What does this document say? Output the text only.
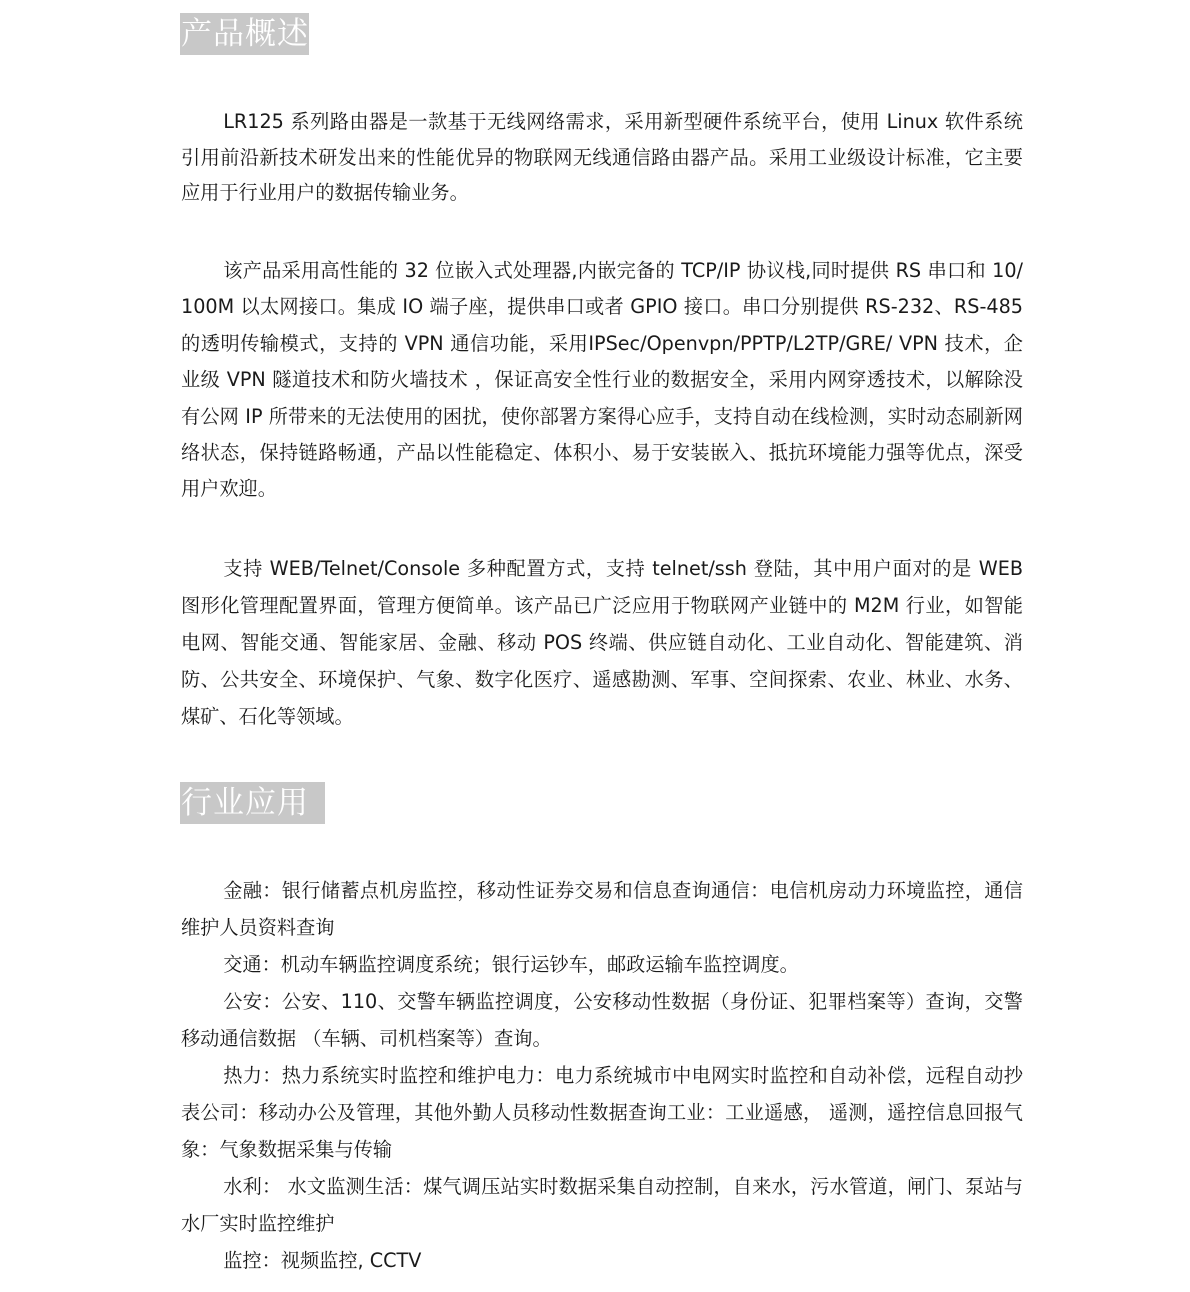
产品概述

LR125 系列路由器是一款基于无线网络需求，采用新型硬件系统平台，使用 Linux 软件系统引用前沿新技术研发出来的性能优异的物联网无线通信路由器产品。采用工业级设计标准，它主要应用于行业用户的数据传输业务。

该产品采用高性能的 32 位嵌入式处理器,内嵌完备的 TCP/IP 协议栈,同时提供 RS 串口和 10/100M 以太网接口。集成 IO 端子座，提供串口或者 GPIO 接口。串口分别提供 RS-232、RS-485 的透明传输模式，支持的 VPN 通信功能，采用IPSec/Openvpn/PPTP/L2TP/GRE/ VPN 技术，企业级 VPN 隧道技术和防火墙技术 ，保证高安全性行业的数据安全，采用内网穿透技术，以解除没有公网 IP 所带来的无法使用的困扰，使你部署方案得心应手，支持自动在线检测，实时动态刷新网络状态，保持链路畅通，产品以性能稳定、体积小、易于安装嵌入、抵抗环境能力强等优点，深受用户欢迎。

支持 WEB/Telnet/Console 多种配置方式，支持 telnet/ssh 登陆，其中用户面对的是 WEB 图形化管理配置界面，管理方便简单。该产品已广泛应用于物联网产业链中的 M2M 行业，如智能电网、智能交通、智能家居、金融、移动 POS 终端、供应链自动化、工业自动化、智能建筑、消防、公共安全、环境保护、气象、数字化医疗、遥感勘测、军事、空间探索、农业、林业、水务、煤矿、石化等领域。

行业应用
金融：银行储蓄点机房监控，移动性证券交易和信息查询通信：电信机房动力环境监控，通信维护人员资料查询
交通：机动车辆监控调度系统；银行运钞车，邮政运输车监控调度。
公安：公安、110、交警车辆监控调度，公安移动性数据（身份证、犯罪档案等）查询，交警移动通信数据 （车辆、司机档案等）查询。
热力：热力系统实时监控和维护电力：电力系统城市中电网实时监控和自动补偿，远程自动抄表公司：移动办公及管理，其他外勤人员移动性数据查询工业：工业遥感， 遥测，遥控信息回报气象：气象数据采集与传输
水利： 水文监测生活：煤气调压站实时数据采集自动控制，自来水，污水管道，闸门、泵站与水厂实时监控维护
监控：视频监控, CCTV
